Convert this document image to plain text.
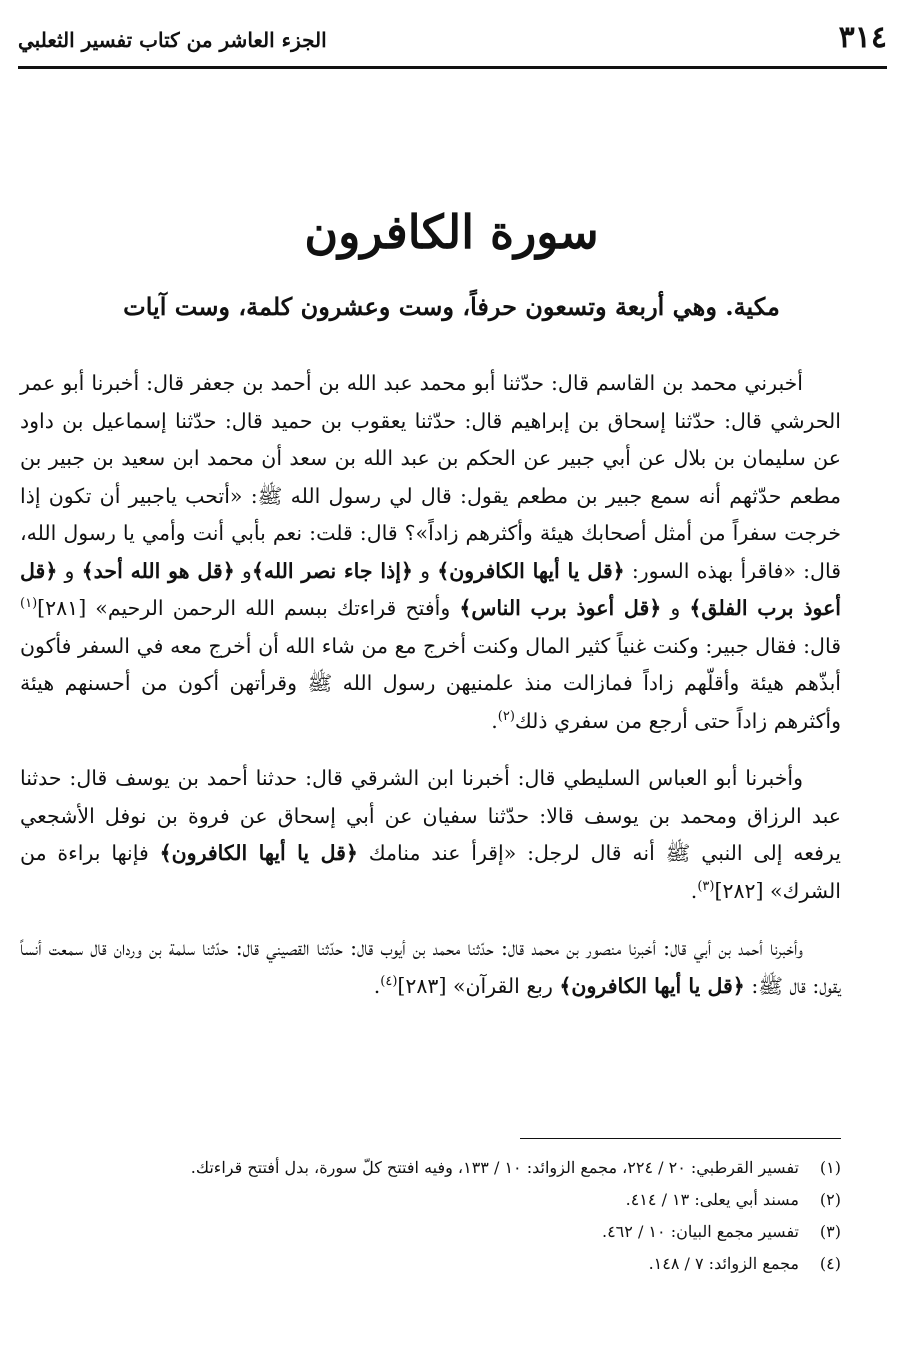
٣١٤
الجزء العاشر من كتاب تفسير الثعلبي
سورة الكافرون
مكية. وهي أربعة وتسعون حرفاً، وست وعشرون كلمة، وست آيات

أخبرني محمد بن القاسم قال: حدّثنا أبو محمد عبد الله بن أحمد بن جعفر قال: أخبرنا أبو عمر الحرشي قال: حدّثنا إسحاق بن إبراهيم قال: حدّثنا يعقوب بن حميد قال: حدّثنا إسماعيل بن داود عن سليمان بن بلال عن أبي جبير عن الحكم بن عبد الله بن سعد أن محمد ابن سعيد بن جبير بن مطعم حدّثهم أنه سمع جبير بن مطعم يقول: قال لي رسول الله ﷺ: «أتحب ياجبير أن تكون إذا خرجت سفراً من أمثل أصحابك هيئة وأكثرهم زاداً»؟ قال: قلت: نعم بأبي أنت وأمي يا رسول الله، قال: «فاقرأ بهذه السور: ﴿قل يا أيها الكافرون﴾ و ﴿إذا جاء نصر الله﴾و ﴿قل هو الله أحد﴾ و ﴿قل أعوذ برب الفلق﴾ و ﴿قل أعوذ برب الناس﴾ وأفتح قراءتك ببسم الله الرحمن الرحيم» [٢٨١]$^{(١)}$ قال: فقال جبير: وكنت غنياً كثير المال وكنت أخرج مع من شاء الله أن أخرج معه في السفر فأكون أبذّهم هيئة وأقلّهم زاداً فمازالت منذ علمنيهن رسول الله ﷺ وقرأتهن أكون من أحسنهم هيئة وأكثرهم زاداً حتى أرجع من سفري ذلك$^{(٢)}$.

وأخبرنا أبو العباس السليطي قال: أخبرنا ابن الشرقي قال: حدثنا أحمد بن يوسف قال: حدثنا عبد الرزاق ومحمد بن يوسف قالا: حدّثنا سفيان عن أبي إسحاق عن فروة بن نوفل الأشجعي يرفعه إلى النبي ﷺ أنه قال لرجل: «إقرأ عند منامك ﴿قل يا أيها الكافرون﴾ فإنها براءة من الشرك» [٢٨٢]$^{(٣)}$.

وأخبرنا أحمد بن أبي قال: أخبرنا منصور بن محمد قال: حدّثنا محمد بن أيوب قال: حدّثنا القصيني قال: حدّثنا سلمة بن وردان قال سمعت أنساً يقول: قال ﷺ: ﴿قل يا أيها الكافرون﴾ ربع القرآن» [٢٨٣]$^{(٤)}$.

(١)
تفسير القرطبي: ٢٠ / ٢٢٤، مجمع الزوائد: ١٠ / ١٣٣، وفيه افتتح كلّ سورة، بدل أفتتح قراءتك.
(٢)
مسند أبي يعلى: ١٣ / ٤١٤.
(٣)
تفسير مجمع البيان: ١٠ / ٤٦٢.
(٤)
مجمع الزوائد: ٧ / ١٤٨.
